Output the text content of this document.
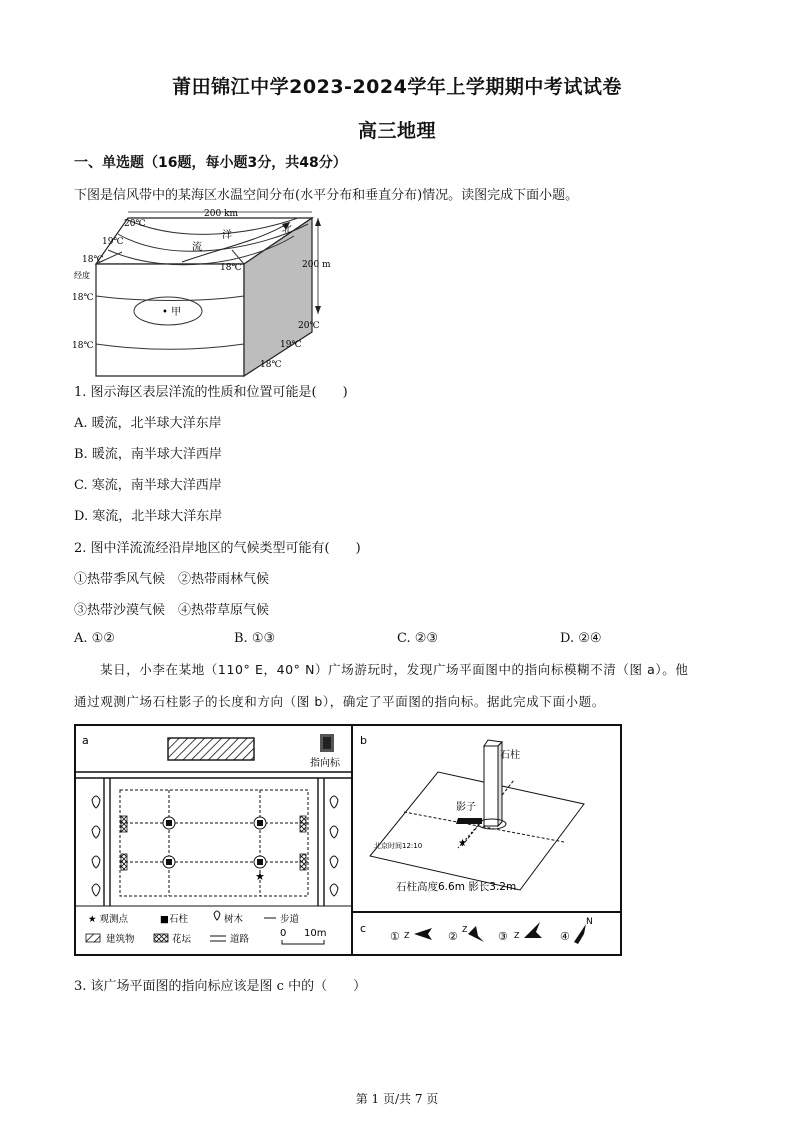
莆田锦江中学2023-2024学年上学期期中考试试卷
高三地理
一、单选题（16题，每小题3分，共48分）
下图是信风带中的某海区水温空间分布(水平分布和垂直分布)情况。读图完成下面小题。
200 km
200 m
北
洋
流
• 甲
20℃
19℃
18℃
经度
18℃
18℃
18℃
20℃
19℃
18℃
1. 图示海区表层洋流的性质和位置可能是(　　)
A. 暖流，北半球大洋东岸
B. 暖流，南半球大洋西岸
C. 寒流，南半球大洋西岸
D. 寒流，北半球大洋东岸
2. 图中洋流流经沿岸地区的气候类型可能有(　　)
①热带季风气候　②热带雨林气候
③热带沙漠气候　④热带草原气候
A. ①②	B. ①③	C. ②③	D. ②④
某日，小李在某地（110° E，40° N）广场游玩时，发现广场平面图中的指向标模糊不清（图 a）。他
通过观测广场石柱影子的长度和方向（图 b），确定了平面图的指向标。据此完成下面小题。
a
指向标
★
★ 观测点	■石柱	树木	步道
建筑物	花坛	道路
0 10m
b
石柱
影子
★
北京时间12:10
石柱高度6.6m 影长3.2m
c
① Z	②
Z
③ Z	④
N
3. 该广场平面图的指向标应该是图 c 中的（　　）
第 1 页/共 7 页
